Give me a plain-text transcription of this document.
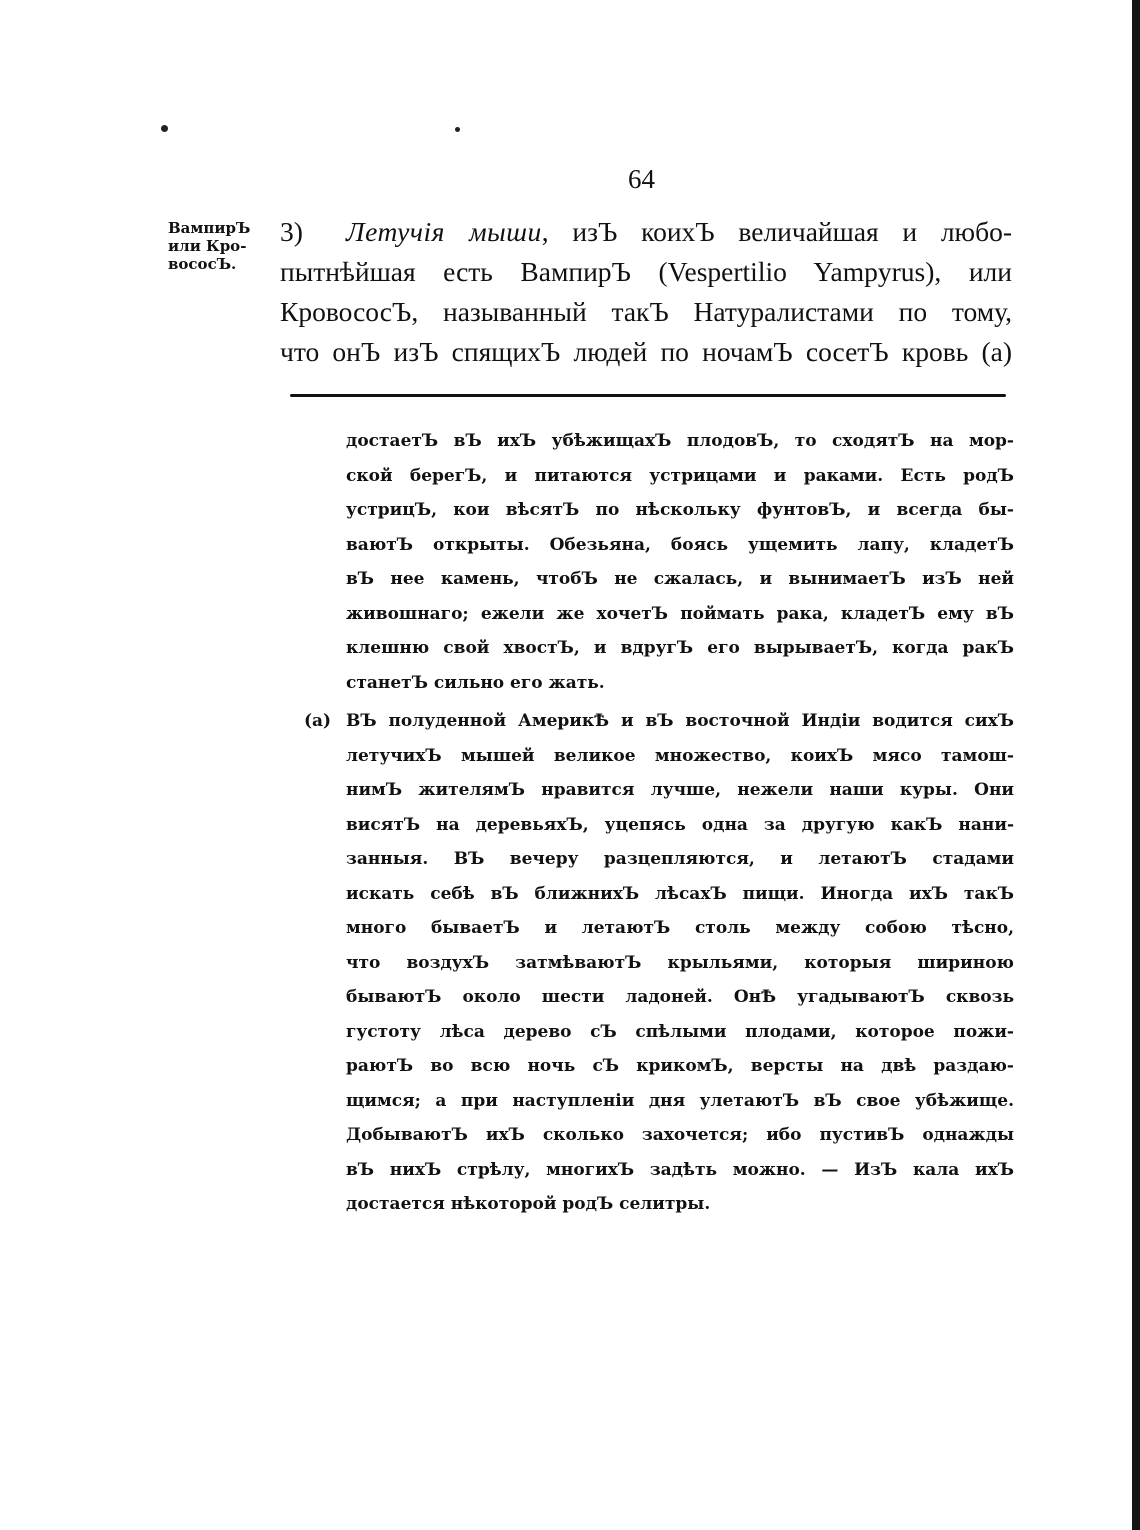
64
ВампирЪ
или Кро-
вососЪ.
3) Летучія мыши, изЪ коихЪ величайшая и любо-
пытнѣйшая есть ВампирЪ (Vespertilio Yampyrus), или
КровососЪ, называнный такЪ Натуралистами по тому,
что онЪ изЪ спящихЪ людей по ночамЪ сосетЪ кровь (а)
достаетЪ вЪ ихЪ убѣжищахЪ плодовЪ, то сходятЪ на мор-
ской берегЪ, и питаются устрицами и раками. Есть родЪ
устрицЪ, кои вѣсятЪ по нѣскольку фунтовЪ, и всегда бы-
ваютЪ открыты. Обезьяна, боясь ущемить лапу, кладетЪ
вЪ нее камень, чтобЪ не сжалась, и вынимаетЪ изЪ ней
живошнаго; ежели же хочетЪ поймать рака, кладетЪ ему вЪ
клешню свой хвостЪ, и вдругЪ его вырываетЪ, когда ракЪ
станетЪ сильно его жать.
(а) ВЪ полуденной АмерикѢ и вЪ восточной Индіи водится сихЪ
летучихЪ мышей великое множество, коихЪ мясо тамош-
нимЪ жителямЪ нравится лучше, нежели наши куры. Они
висятЪ на деревьяхЪ, уцепясь одна за другую какЪ нани-
занныя. ВЪ вечеру разцепляются, и летаютЪ стадами
искать себѣ вЪ ближнихЪ лѣсахЪ пищи. Иногда ихЪ такЪ
много бываетЪ и летаютЪ столь между собою тѣсно,
что воздухЪ затмѣваютЪ крыльями, которыя шириною
бываютЪ около шести ладоней. ОнѢ угадываютЪ сквозь
густоту лѣса дерево сЪ спѣлыми плодами, которое пожи-
раютЪ во всю ночь сЪ крикомЪ, версты на двѣ раздаю-
щимся; а при наступленіи дня улетаютЪ вЪ свое убѣжище.
ДобываютЪ ихЪ сколько захочется; ибо пустивЪ однажды
вЪ нихЪ стрѣлу, многихЪ задѣть можно. — ИзЪ кала ихЪ
достается нѣкоторой родЪ селитры.
